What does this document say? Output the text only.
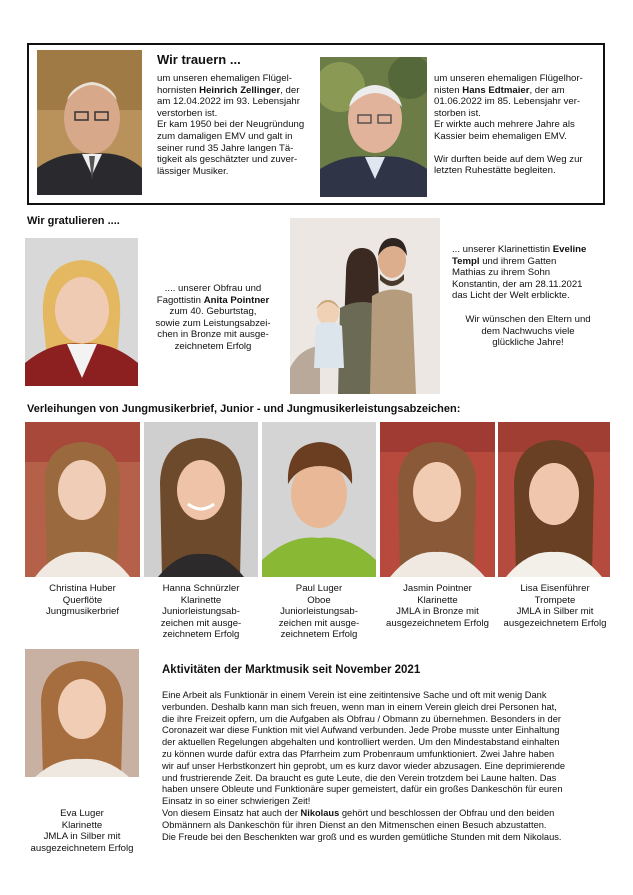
Wir trauern ...
um unseren ehemaligen Flügel-
hornisten Heinrich Zellinger, der
am 12.04.2022 im 93. Lebensjahr
verstorben ist.
Er kam 1950 bei der Neugründung
zum damaligen EMV und galt in
seiner rund 35 Jahre langen Tä-
tigkeit als geschätzter und zuver-
lässiger Musiker.
um unseren ehemaligen Flügelhor-
nisten Hans Edtmaier, der am
01.06.2022 im 85. Lebensjahr ver-
storben ist.
Er wirkte auch mehrere Jahre als
Kassier beim ehemaligen EMV.
Wir durften beide auf dem Weg zur
letzten Ruhestätte begleiten.
Wir gratulieren ....
.... unserer Obfrau und
Fagottistin Anita Pointner
zum 40. Geburtstag,
sowie zum Leistungsabzei-
chen in Bronze mit ausge-
zeichnetem Erfolg
... unserer Klarinettistin Eveline
Templ und ihrem Gatten
Mathias zu ihrem Sohn
Konstantin, der am 28.11.2021
das Licht der Welt erblickte.
Wir wünschen den Eltern und
dem Nachwuchs viele
glückliche Jahre!
Verleihungen von Jungmusikerbrief, Junior - und Jungmusikerleistungsabzeichen:
Christina Huber
Querflöte
Jungmusikerbrief
Hanna Schnürzler
Klarinette
Juniorleistungsab-
zeichen mit ausge-
zeichnetem Erfolg
Paul Luger
Oboe
Juniorleistungsab-
zeichen mit ausge-
zeichnetem Erfolg
Jasmin Pointner
Klarinette
JMLA in Bronze mit
ausgezeichnetem Erfolg
Lisa Eisenführer
Trompete
JMLA in Silber mit
ausgezeichnetem Erfolg
Eva Luger
Klarinette
JMLA in Silber mit
ausgezeichnetem Erfolg
Aktivitäten der Marktmusik seit November 2021
Eine Arbeit als Funktionär in einem Verein ist eine zeitintensive Sache und oft mit wenig Dank
verbunden. Deshalb kann man sich freuen, wenn man in einem Verein gleich drei Personen hat,
die ihre Freizeit opfern, um die Aufgaben als Obfrau / Obmann zu übernehmen. Besonders in der
Coronazeit war diese Funktion mit viel Aufwand verbunden. Jede Probe musste unter Einhaltung
der aktuellen Regelungen abgehalten und kontrolliert werden. Um den Mindestabstand einhalten
zu können wurde dafür extra das Pfarrheim zum Probenraum umfunktioniert. Zwei Jahre haben
wir auf unser Herbstkonzert hin geprobt, um es kurz davor wieder abzusagen. Eine deprimierende
und frustrierende Zeit. Da braucht es gute Leute, die den Verein trotzdem bei Laune halten. Das
haben unsere Obleute und Funktionäre super gemeistert, dafür ein großes Dankeschön für euren
Einsatz in so einer schwierigen Zeit!
Von diesem Einsatz hat auch der Nikolaus gehört und beschlossen der Obfrau und den beiden
Obmännern als Dankeschön für ihren Dienst an den Mitmenschen einen Besuch abzustatten.
Die Freude bei den Beschenkten war groß und es wurden gemütliche Stunden mit dem Nikolaus.
